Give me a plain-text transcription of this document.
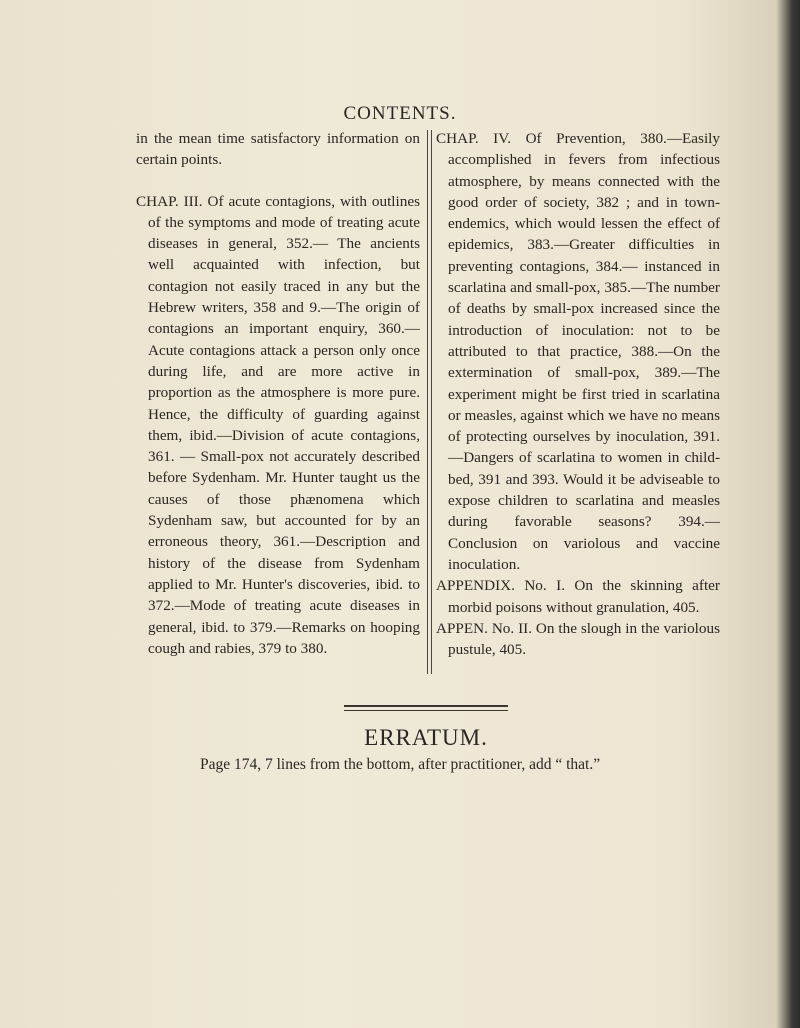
CONTENTS.

in the mean time satisfactory information on certain points.

CHAP. III. Of acute contagions, with outlines of the symptoms and mode of treating acute diseases in general, 352.— The ancients well acquainted with infection, but contagion not easily traced in any but the Hebrew writers, 358 and 9.—The origin of contagions an important enquiry, 360.—Acute contagions attack a person only once during life, and are more active in proportion as the atmosphere is more pure. Hence, the difficulty of guarding against them, ibid.—Division of acute contagions, 361. — Small-pox not accurately described before Sydenham. Mr. Hunter taught us the causes of those phænomena which Sydenham saw, but accounted for by an erroneous theory, 361.—Description and history of the disease from Sydenham applied to Mr. Hunter's discoveries, ibid. to 372.—Mode of treating acute diseases in general, ibid. to 379.—Remarks on hooping cough and rabies, 379 to 380.

CHAP. IV. Of Prevention, 380.—Easily accomplished in fevers from infectious atmosphere, by means connected with the good order of society, 382 ; and in town-endemics, which would lessen the effect of epidemics, 383.—Greater difficulties in preventing contagions, 384.— instanced in scarlatina and small-pox, 385.—The number of deaths by small-pox increased since the introduction of inoculation: not to be attributed to that practice, 388.—On the extermination of small-pox, 389.—The experiment might be first tried in scarlatina or measles, against which we have no means of protecting ourselves by inoculation, 391.—Dangers of scarlatina to women in child-bed, 391 and 393. Would it be adviseable to expose children to scarlatina and measles during favorable seasons? 394.— Conclusion on variolous and vaccine inoculation.

APPENDIX. No. I. On the skinning after morbid poisons without granulation, 405.

APPEN. No. II. On the slough in the variolous pustule, 405.

ERRATUM.
Page 174, 7 lines from the bottom, after practitioner, add “ that.”
